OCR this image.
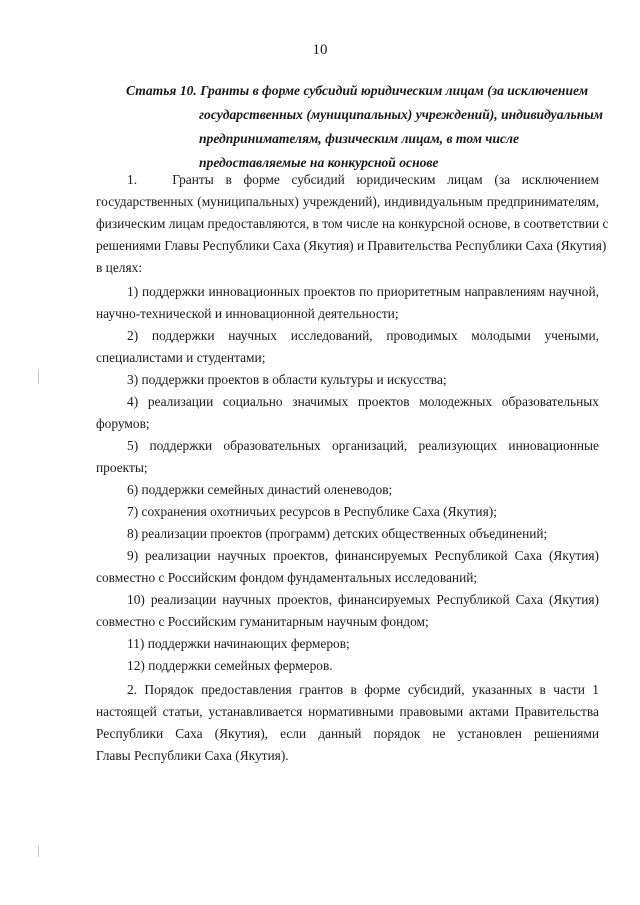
10
Статья 10. Гранты в форме субсидий юридическим лицам (за исключением
государственных (муниципальных) учреждений), индивидуальным
предпринимателям, физическим лицам, в том числе
предоставляемые на конкурсной основе

1.   Гранты в форме субсидий юридическим лицам (за исключением
государственных (муниципальных) учреждений), индивидуальным предпринимателям,
физическим лицам предоставляются, в том числе на конкурсной основе, в соответствии с
решениями Главы Республики Саха (Якутия) и Правительства Республики Саха (Якутия)
в целях:

1) поддержки инновационных проектов по приоритетным направлениям научной,
научно-технической и инновационной деятельности;

2) поддержки научных исследований, проводимых молодыми учеными,
специалистами и студентами;

3) поддержки проектов в области культуры и искусства;

4) реализации социально значимых проектов молодежных образовательных
форумов;

5) поддержки образовательных организаций, реализующих инновационные
проекты;

6) поддержки семейных династий оленеводов;

7) сохранения охотничьих ресурсов в Республике Саха (Якутия);

8) реализации проектов (программ) детских общественных объединений;

9) реализации научных проектов, финансируемых Республикой Саха (Якутия)
совместно с Российским фондом фундаментальных исследований;

10) реализации научных проектов, финансируемых Республикой Саха (Якутия)
совместно с Российским гуманитарным научным фондом;

11) поддержки начинающих фермеров;

12) поддержки семейных фермеров.

2. Порядок предоставления грантов в форме субсидий, указанных в части 1
настоящей статьи, устанавливается нормативными правовыми актами Правительства
Республики Саха (Якутия), если данный порядок не установлен решениями
Главы Республики Саха (Якутия).
